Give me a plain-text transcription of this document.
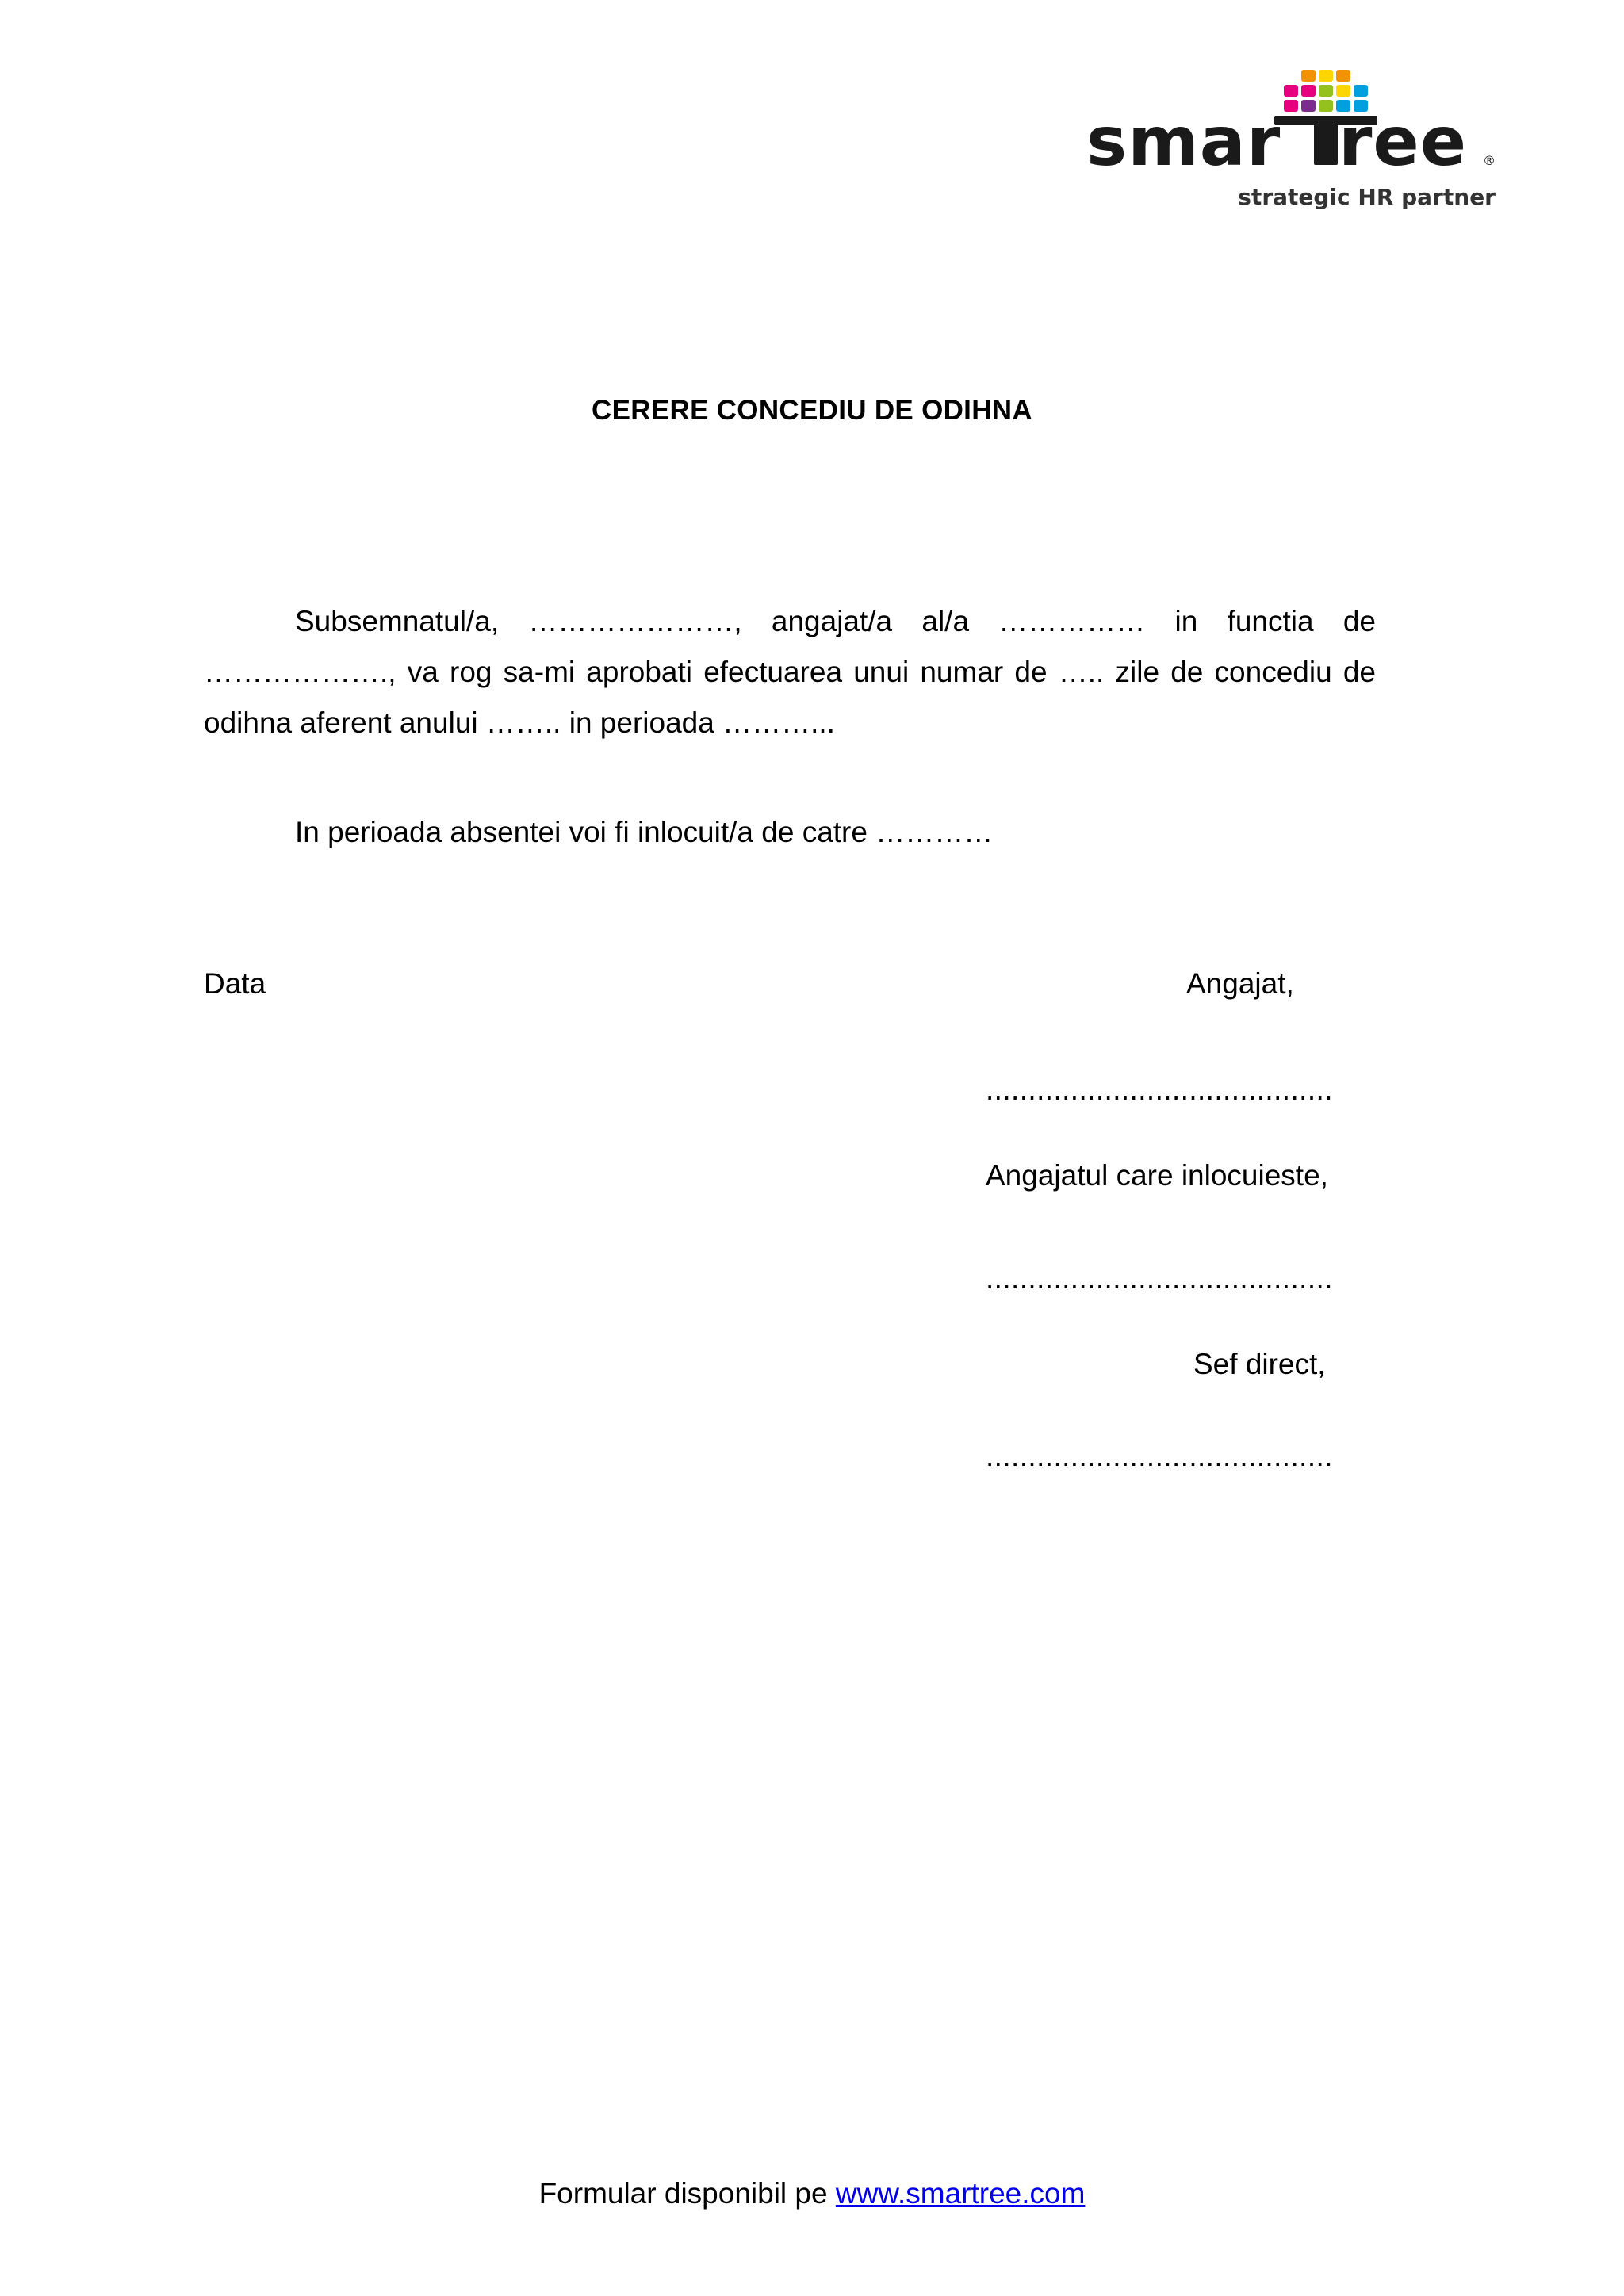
smar ree ®
strategic HR partner
CERERE CONCEDIU DE ODIHNA
Subsemnatul/a, …………………, angajat/a al/a …………… in functia de ………………., va rog sa-mi aprobati efectuarea unui numar de ….. zile de concediu de odihna aferent anului …….. in perioada ………...
In perioada absentei voi fi inlocuit/a de catre …………
Data	Angajat,
.........................................
Angajatul care inlocuieste,
.........................................
Sef direct,
.........................................
Formular disponibil pe www.smartree.com
